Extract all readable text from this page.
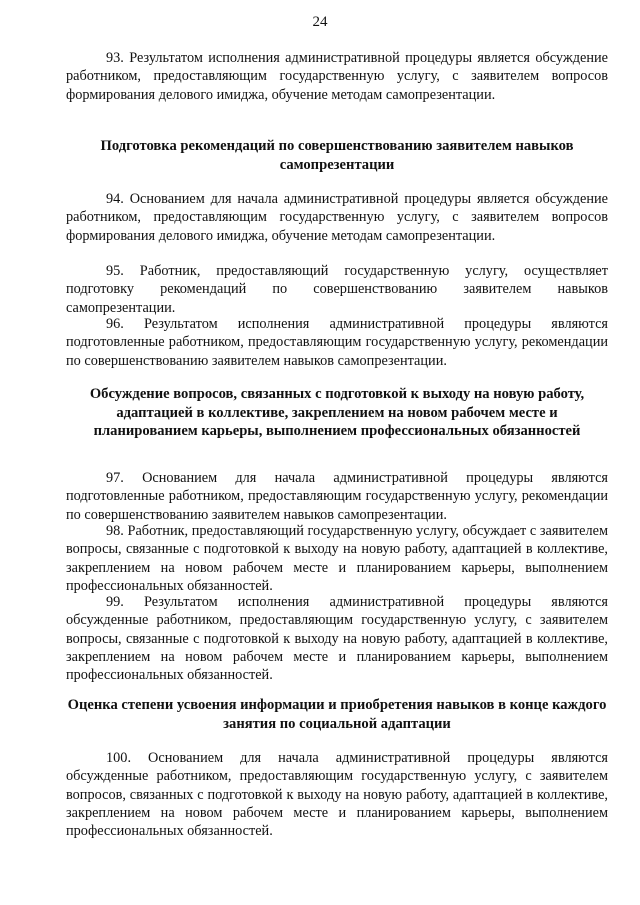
24

93. Результатом исполнения административной процедуры является обсуждение работником, предоставляющим государственную услугу, с заявителем вопросов формирования делового имиджа, обучение методам самопрезентации.

Подготовка рекомендаций по совершенствованию заявителем навыков самопрезентации

94. Основанием для начала административной процедуры является обсуждение работником, предоставляющим государственную услугу, с заявителем вопросов формирования делового имиджа, обучение методам самопрезентации.

95. Работник, предоставляющий государственную услугу, осуществляет подготовку рекомендаций по совершенствованию заявителем навыков самопрезентации.

96. Результатом исполнения административной процедуры являются подготовленные работником, предоставляющим государственную услугу, рекомендации по совершенствованию заявителем навыков самопрезентации.

Обсуждение вопросов, связанных с подготовкой к выходу на новую работу, адаптацией в коллективе, закреплением на новом рабочем месте и планированием карьеры, выполнением профессиональных обязанностей

97. Основанием для начала административной процедуры являются подготовленные работником, предоставляющим государственную услугу, рекомендации по совершенствованию заявителем навыков самопрезентации.

98. Работник, предоставляющий государственную услугу, обсуждает с заявителем вопросы, связанные с подготовкой к выходу на новую работу, адаптацией в коллективе, закреплением на новом рабочем месте и планированием карьеры, выполнением профессиональных обязанностей.

99. Результатом исполнения административной процедуры являются обсужденные работником, предоставляющим государственную услугу, с заявителем вопросы, связанные с подготовкой к выходу на новую работу, адаптацией в коллективе, закреплением на новом рабочем месте и планированием карьеры, выполнением профессиональных обязанностей.

Оценка степени усвоения информации и приобретения навыков в конце каждого занятия по социальной адаптации

100. Основанием для начала административной процедуры являются обсужденные работником, предоставляющим государственную услугу, с заявителем вопросов, связанных с подготовкой к выходу на новую работу, адаптацией в коллективе, закреплением на новом рабочем месте и планированием карьеры, выполнением профессиональных обязанностей.
